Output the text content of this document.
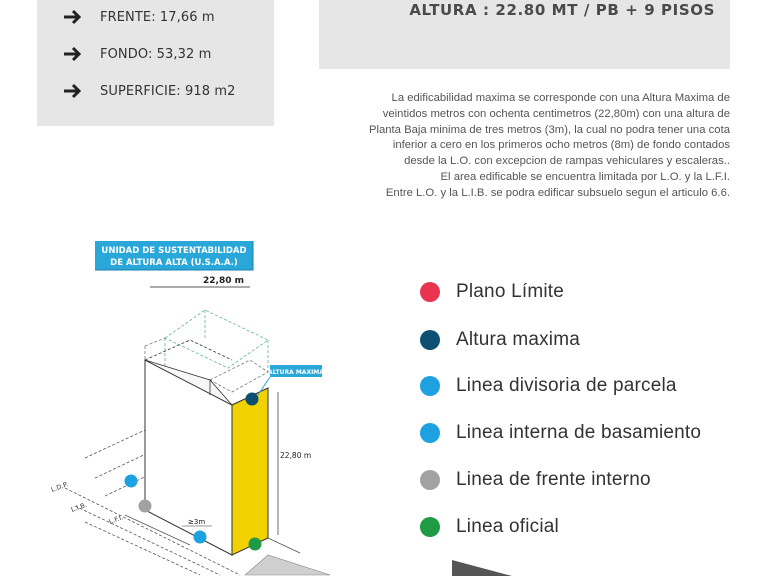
FRENTE: 17,66 m
FONDO: 53,32 m
SUPERFICIE: 918 m2
ALTURA : 22.80 MT / PB + 9 PISOS
La edificabilidad maxima se corresponde con una Altura Maxima de
veintidos metros con ochenta centimetros (22,80m) con una altura de
Planta Baja minima de tres metros (3m), la cual no podra tener una cota
inferior a cero en los primeros ocho metros (8m) de fondo contados
desde la L.O. con excepcion de rampas vehiculares y escaleras..
El area edificable se encuentra limitada por L.O. y la L.F.I.
Entre L.O. y la L.I.B. se podra edificar subsuelo segun el articulo 6.6.
UNIDAD DE SUSTENTABILIDAD
DE ALTURA ALTA (U.S.A.A.)
22,80 m
L.D.P.
L.I.B.
L.F.I.
ALTURA MAXIMA
22,80 m
≥3m
Plano Límite
Altura maxima
Linea divisoria de parcela
Linea interna de basamiento
Linea de frente interno
Linea oficial
